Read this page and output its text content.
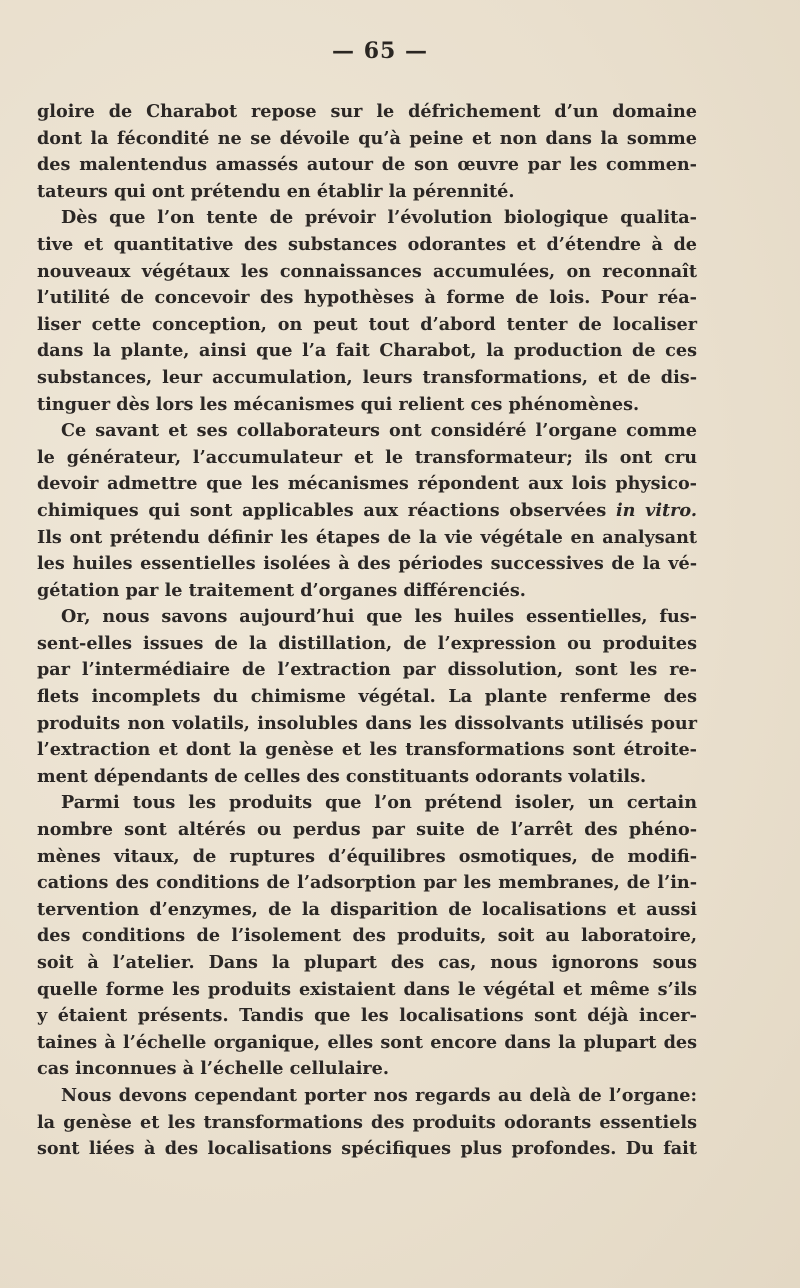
— 65 —
gloire de Charabot repose sur le défrichement d’un domaine
dont la fécondité ne se dévoile qu’à peine et non dans la somme
des malentendus amassés autour de son œuvre par les commen-
tateurs qui ont prétendu en établir la pérennité.
Dès que l’on tente de prévoir l’évolution biologique qualita-
tive et quantitative des substances odorantes et d’étendre à de
nouveaux végétaux les connaissances accumulées, on reconnaît
l’utilité de concevoir des hypothèses à forme de lois. Pour réa-
liser cette conception, on peut tout d’abord tenter de localiser
dans la plante, ainsi que l’a fait Charabot, la production de ces
substances, leur accumulation, leurs transformations, et de dis-
tinguer dès lors les mécanismes qui relient ces phénomènes.
Ce savant et ses collaborateurs ont considéré l’organe comme
le générateur, l’accumulateur et le transformateur; ils ont cru
devoir admettre que les mécanismes répondent aux lois physico-
chimiques qui sont applicables aux réactions observées in vitro.
Ils ont prétendu définir les étapes de la vie végétale en analysant
les huiles essentielles isolées à des périodes successives de la vé-
gétation par le traitement d’organes différenciés.
Or, nous savons aujourd’hui que les huiles essentielles, fus-
sent-elles issues de la distillation, de l’expression ou produites
par l’intermédiaire de l’extraction par dissolution, sont les re-
flets incomplets du chimisme végétal. La plante renferme des
produits non volatils, insolubles dans les dissolvants utilisés pour
l’extraction et dont la genèse et les transformations sont étroite-
ment dépendants de celles des constituants odorants volatils.
Parmi tous les produits que l’on prétend isoler, un certain
nombre sont altérés ou perdus par suite de l’arrêt des phéno-
mènes vitaux, de ruptures d’équilibres osmotiques, de modifi-
cations des conditions de l’adsorption par les membranes, de l’in-
tervention d’enzymes, de la disparition de localisations et aussi
des conditions de l’isolement des produits, soit au laboratoire,
soit à l’atelier. Dans la plupart des cas, nous ignorons sous
quelle forme les produits existaient dans le végétal et même s’ils
y étaient présents. Tandis que les localisations sont déjà incer-
taines à l’échelle organique, elles sont encore dans la plupart des
cas inconnues à l’échelle cellulaire.
Nous devons cependant porter nos regards au delà de l’organe:
la genèse et les transformations des produits odorants essentiels
sont liées à des localisations spécifiques plus profondes. Du fait
